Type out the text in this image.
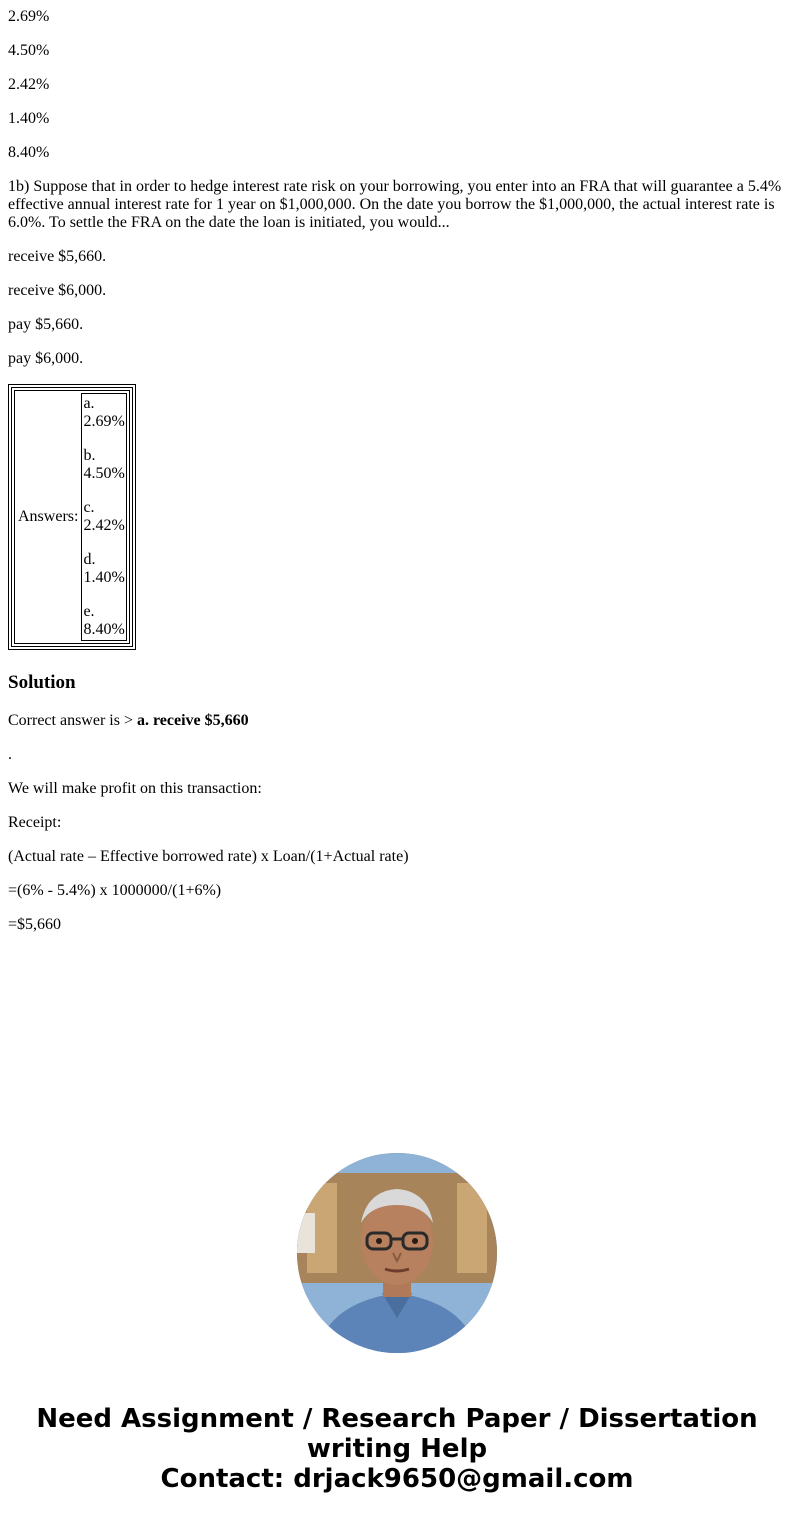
2.69%

4.50%

2.42%

1.40%

8.40%

1b) Suppose that in order to hedge interest rate risk on your borrowing, you enter into an FRA that will guarantee a 5.4% effective annual interest rate for 1 year on $1,000,000. On the date you borrow the $1,000,000, the actual interest rate is 6.0%. To settle the FRA on the date the loan is initiated, you would...

receive $5,660.

receive $6,000.

pay $5,660.

pay $6,000.

Answers:	
a.
2.69%
b.
4.50%
c.
2.42%
d.
1.40%
e.
8.40%
Solution

Correct answer is > a. receive $5,660

.

We will make profit on this transaction:

Receipt:

(Actual rate – Effective borrowed rate) x Loan/(1+Actual rate)

=(6% - 5.4%) x 1000000/(1+6%)

=$5,660

Need Assignment / Research Paper / Dissertation
writing Help
Contact: drjack9650@gmail.com
